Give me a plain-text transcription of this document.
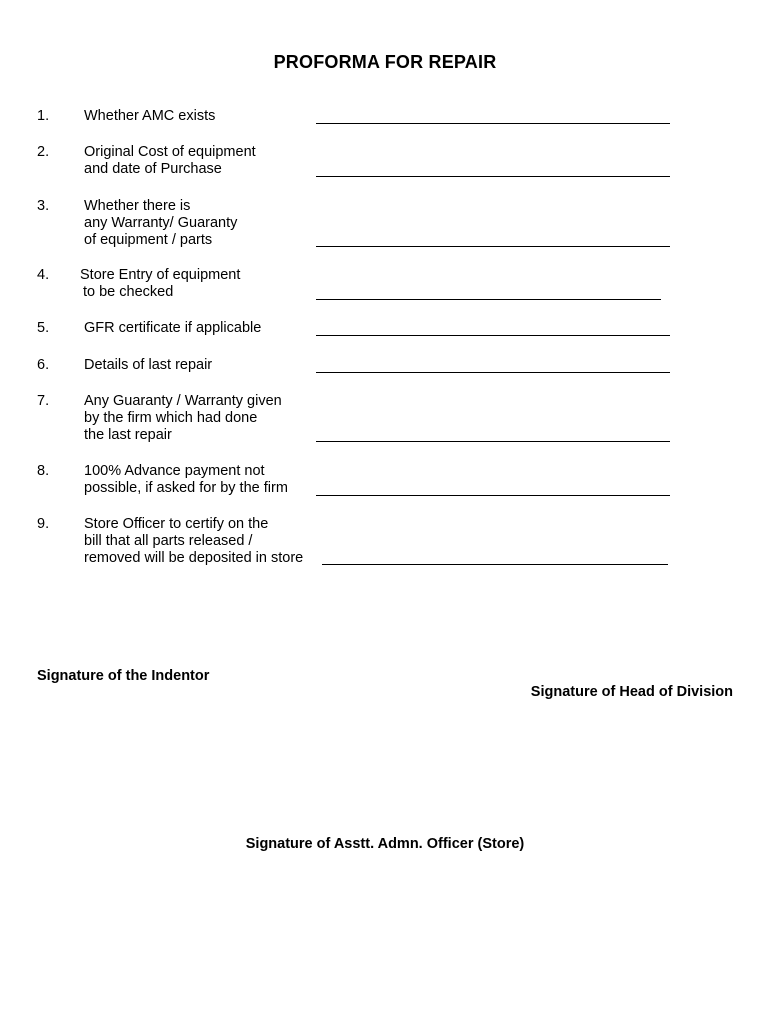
PROFORMA FOR REPAIR
1. Whether AMC exists
2. Original Cost of equipment
and date of Purchase
3. Whether there is
any Warranty/ Guaranty
of equipment / parts
4. Store Entry of equipment
to be checked
5. GFR certificate if applicable
6. Details of last repair
7. Any Guaranty / Warranty given
by the firm which had done
the last repair
8. 100% Advance payment not
possible, if asked for by the firm
9. Store Officer to certify on the
bill that all parts released /
removed will be deposited in store
Signature of the Indentor
Signature of Head of Division
Signature of Asstt. Admn. Officer (Store)
